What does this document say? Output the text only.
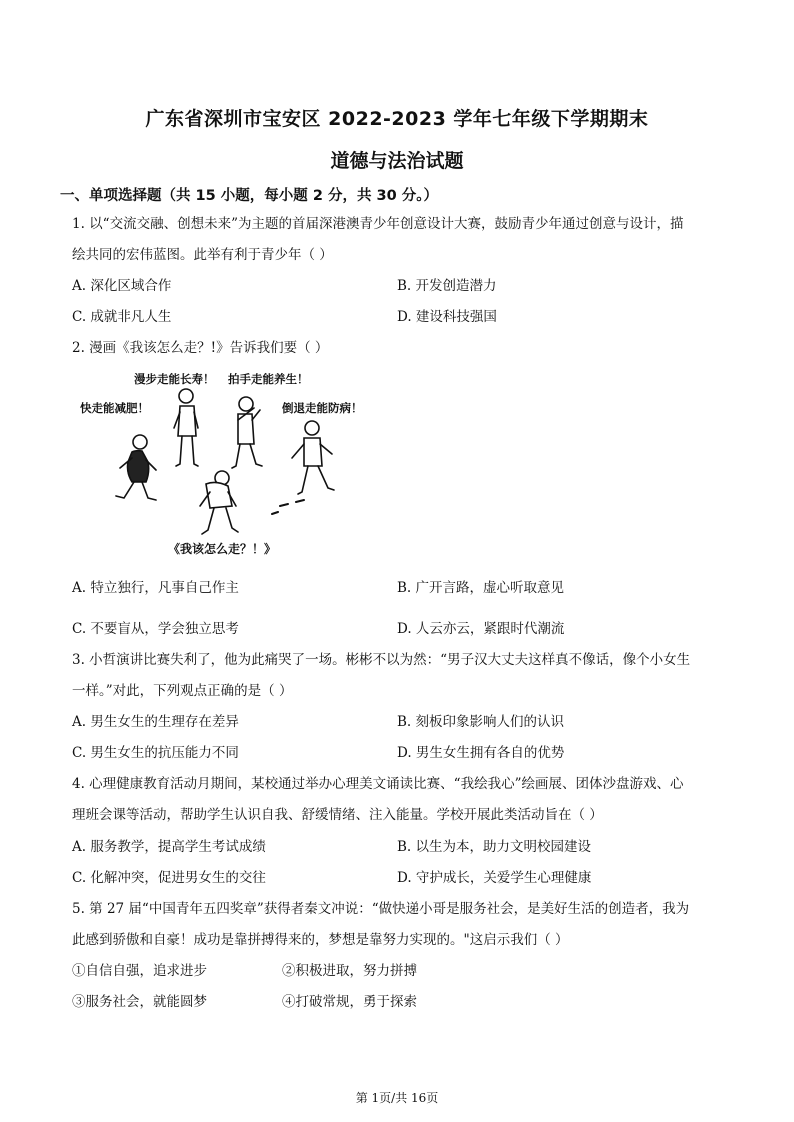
广东省深圳市宝安区 2022-2023 学年七年级下学期期末
道德与法治试题
一、单项选择题（共 15 小题，每小题 2 分，共 30 分。）
1. 以“交流交融、创想未来”为主题的首届深港澳青少年创意设计大赛，鼓励青少年通过创意与设计，描
绘共同的宏伟蓝图。此举有利于青少年（ ）
A. 深化区域合作	B. 开发创造潜力
C. 成就非凡人生	D. 建设科技强国
2. 漫画《我该怎么走？!》告诉我们要（ ）
漫步走能长寿！ 拍手走能养生！
快走能减肥！	倒退走能防病！
《我该怎么走？！》
A. 特立独行，凡事自己作主	B. 广开言路，虚心听取意见
C. 不要盲从，学会独立思考	D. 人云亦云，紧跟时代潮流
3. 小哲演讲比赛失利了，他为此痛哭了一场。彬彬不以为然：“男子汉大丈夫这样真不像话，像个小女生
一样。”对此，下列观点正确的是（ ）
A. 男生女生的生理存在差异	B. 刻板印象影响人们的认识
C. 男生女生的抗压能力不同	D. 男生女生拥有各自的优势
4. 心理健康教育活动月期间，某校通过举办心理美文诵读比赛、“我绘我心”绘画展、团体沙盘游戏、心
理班会课等活动，帮助学生认识自我、舒缓情绪、注入能量。学校开展此类活动旨在（ ）
A. 服务教学，提高学生考试成绩	B. 以生为本，助力文明校园建设
C. 化解冲突，促进男女生的交往	D. 守护成长，关爱学生心理健康
5. 第 27 届“中国青年五四奖章”获得者秦文冲说：“做快递小哥是服务社会，是美好生活的创造者，我为
此感到骄傲和自豪！成功是靠拼搏得来的，梦想是靠努力实现的。"这启示我们（ ）
①自信自强，追求进步	②积极进取，努力拼搏
③服务社会，就能圆梦	④打破常规，勇于探索
第 1页/共 16页
